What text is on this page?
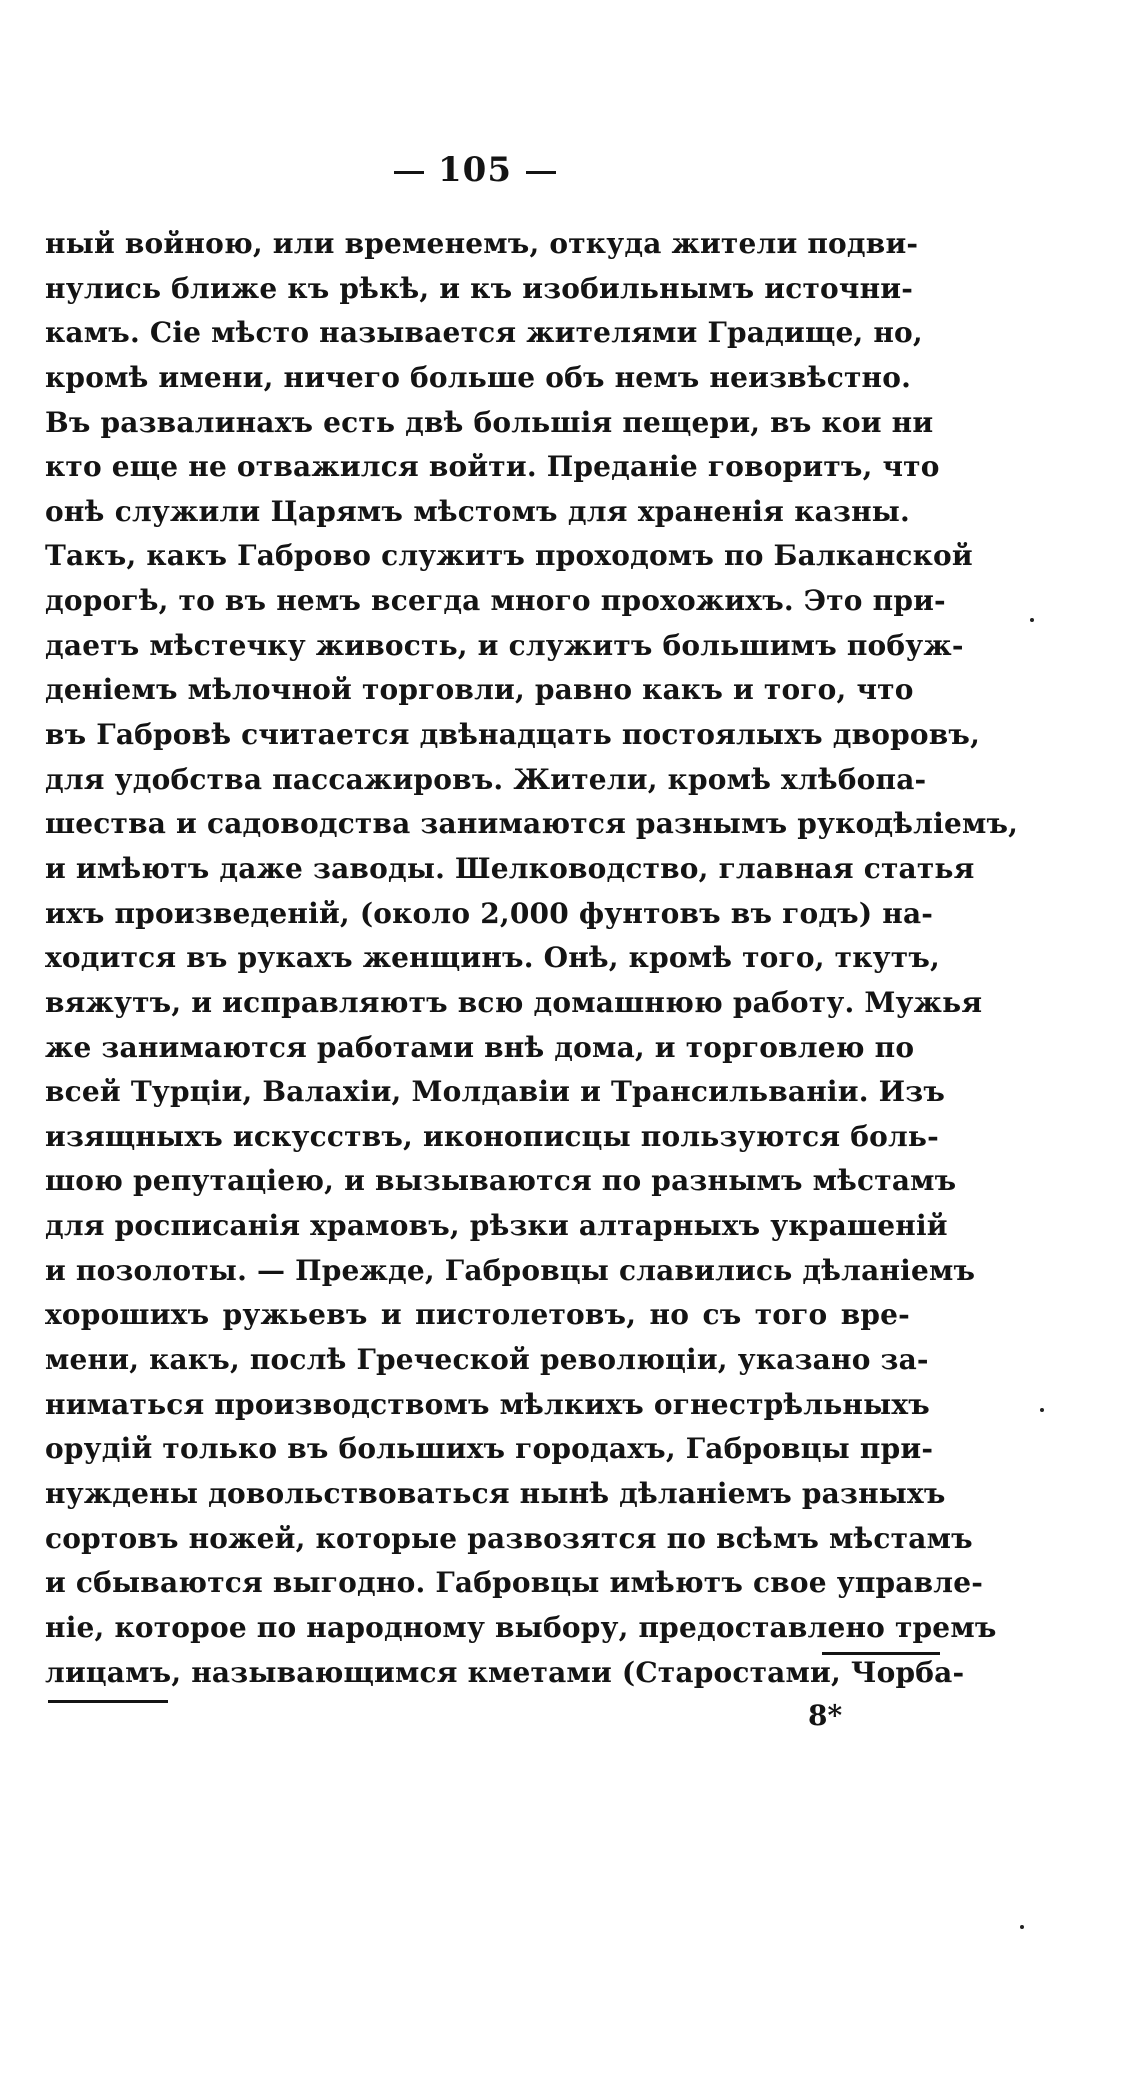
105
ный войною, или временемъ, откуда жители подви-
нулись ближе къ рѣкѣ, и къ изобильнымъ источни-
камъ. Сіе мѣсто называется жителями Градище, но,
кромѣ имени, ничего больше объ немъ неизвѣстно.
Въ развалинахъ есть двѣ большія пещери, въ кои ни
кто еще не отважился войти. Преданіе говоритъ, что
онѣ служили Царямъ мѣстомъ для храненія казны.
Такъ, какъ Габрово служитъ проходомъ по Балканской
дорогѣ, то въ немъ всегда много прохожихъ. Это при-
даетъ мѣстечку живость, и служитъ большимъ побуж-
деніемъ мѣлочной торговли, равно какъ и того, что
въ Габровѣ считается двѣнадцать постоялыхъ дворовъ,
для удобства пассажировъ. Жители, кромѣ хлѣбопа-
шества и садоводства занимаются разнымъ рукодѣліемъ,
и имѣютъ даже заводы. Шелководство, главная статья
ихъ произведеній, (около 2,000 фунтовъ въ годъ) на-
ходится въ рукахъ женщинъ. Онѣ, кромѣ того, ткутъ,
вяжутъ, и исправляютъ всю домашнюю работу. Мужья
же занимаются работами внѣ дома, и торговлею по
всей Турціи, Валахіи, Молдавіи и Трансильваніи. Изъ
изящныхъ искусствъ, иконописцы пользуются боль-
шою репутаціею, и вызываются по разнымъ мѣстамъ
для росписанія храмовъ, рѣзки алтарныхъ украшеній
и позолоты. — Прежде, Габровцы славились дѣланіемъ
хорошихъ ружьевъ и пистолетовъ, но съ того вре-
мени, какъ, послѣ Греческой революціи, указано за-
ниматься производствомъ мѣлкихъ огнестрѣльныхъ
орудій только въ большихъ городахъ, Габровцы при-
нуждены довольствоваться нынѣ дѣланіемъ разныхъ
сортовъ ножей, которые развозятся по всѣмъ мѣстамъ
и сбываются выгодно. Габровцы имѣютъ свое управле-
ніе, которое по народному выбору, предоставлено тремъ
лицамъ, называющимся кметами (Старостами, Чорба-
8*
